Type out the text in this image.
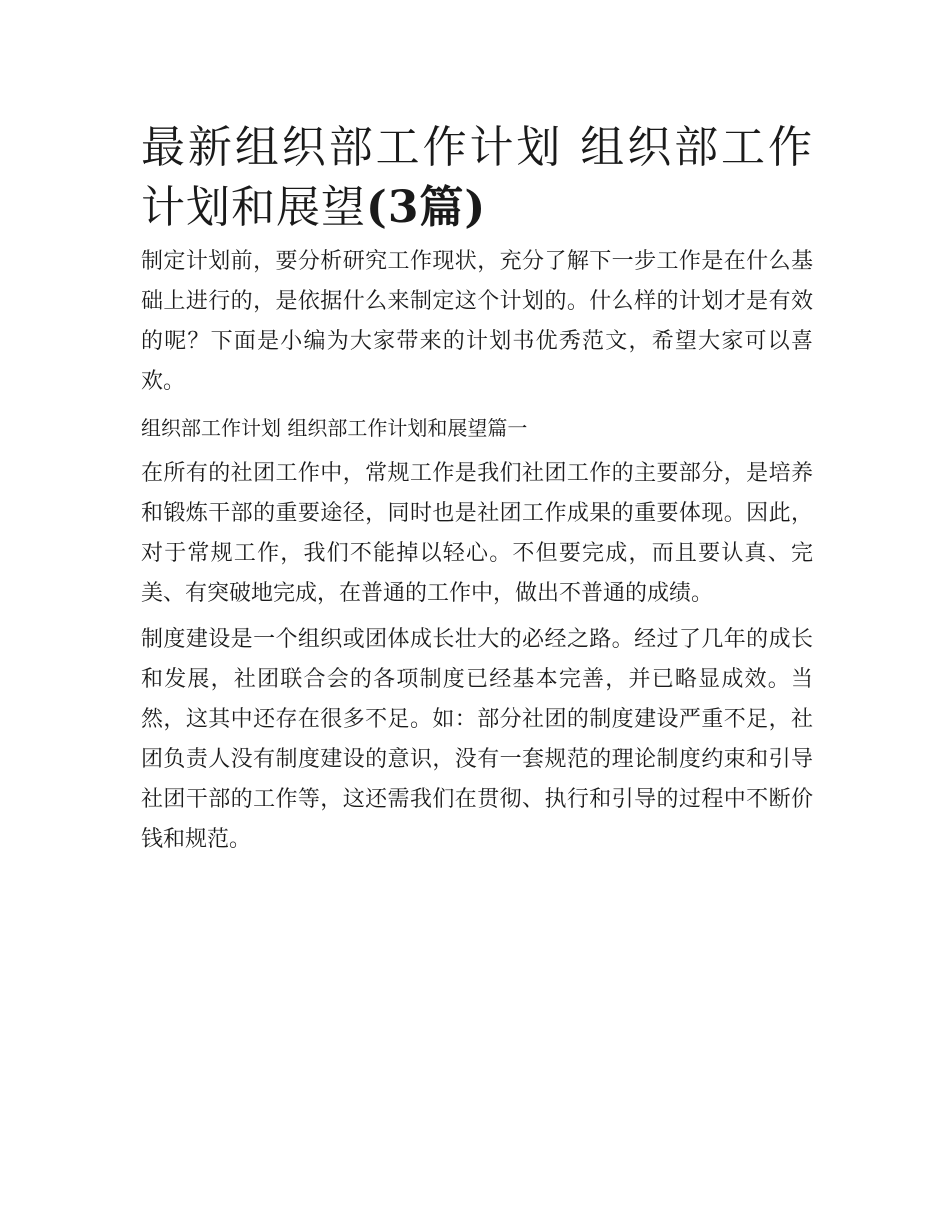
最新组织部工作计划 组织部工作计划和展望(3篇)

制定计划前，要分析研究工作现状，充分了解下一步工作是在什么基础上进行的，是依据什么来制定这个计划的。什么样的计划才是有效的呢？下面是小编为大家带来的计划书优秀范文，希望大家可以喜欢。

组织部工作计划 组织部工作计划和展望篇一

在所有的社团工作中，常规工作是我们社团工作的主要部分，是培养和锻炼干部的重要途径，同时也是社团工作成果的重要体现。因此，对于常规工作，我们不能掉以轻心。不但要完成，而且要认真、完美、有突破地完成，在普通的工作中，做出不普通的成绩。

制度建设是一个组织或团体成长壮大的必经之路。经过了几年的成长和发展，社团联合会的各项制度已经基本完善，并已略显成效。当然，这其中还存在很多不足。如：部分社团的制度建设严重不足，社团负责人没有制度建设的意识，没有一套规范的理论制度约束和引导社团干部的工作等，这还需我们在贯彻、执行和引导的过程中不断价钱和规范。
